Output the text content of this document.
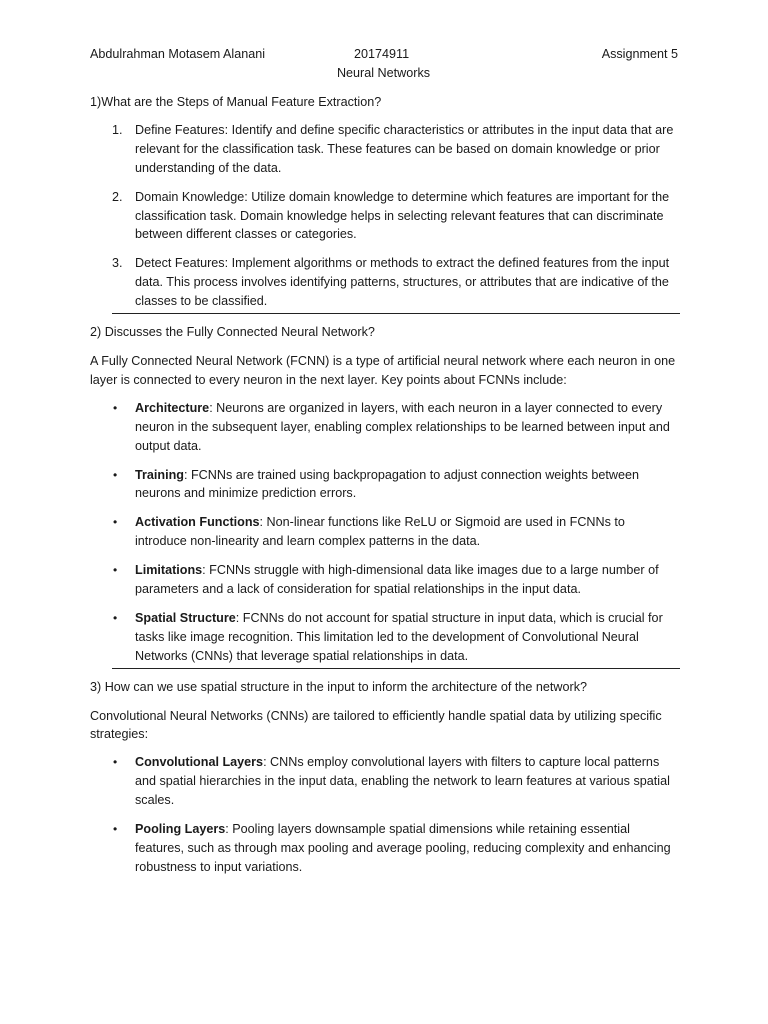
Abdulrahman Motasem Alanani	20174911	Assignment 5
Neural Networks

1)What are the Steps of Manual Feature Extraction?

1. Define Features: Identify and define specific characteristics or attributes in the input data that are relevant for the classification task. These features can be based on domain knowledge or prior understanding of the data.
2. Domain Knowledge: Utilize domain knowledge to determine which features are important for the classification task. Domain knowledge helps in selecting relevant features that can discriminate between different classes or categories.
3. Detect Features: Implement algorithms or methods to extract the defined features from the input data. This process involves identifying patterns, structures, or attributes that are indicative of the classes to be classified.

2) Discusses the Fully Connected Neural Network?

A Fully Connected Neural Network (FCNN) is a type of artificial neural network where each neuron in one layer is connected to every neuron in the next layer. Key points about FCNNs include:

• Architecture: Neurons are organized in layers, with each neuron in a layer connected to every neuron in the subsequent layer, enabling complex relationships to be learned between input and output data.
• Training: FCNNs are trained using backpropagation to adjust connection weights between neurons and minimize prediction errors.
• Activation Functions: Non-linear functions like ReLU or Sigmoid are used in FCNNs to introduce non-linearity and learn complex patterns in the data.
• Limitations: FCNNs struggle with high-dimensional data like images due to a large number of parameters and a lack of consideration for spatial relationships in the input data.
• Spatial Structure: FCNNs do not account for spatial structure in input data, which is crucial for tasks like image recognition. This limitation led to the development of Convolutional Neural Networks (CNNs) that leverage spatial relationships in data.

3) How can we use spatial structure in the input to inform the architecture of the network?

Convolutional Neural Networks (CNNs) are tailored to efficiently handle spatial data by utilizing specific strategies:

• Convolutional Layers: CNNs employ convolutional layers with filters to capture local patterns and spatial hierarchies in the input data, enabling the network to learn features at various spatial scales.
• Pooling Layers: Pooling layers downsample spatial dimensions while retaining essential features, such as through max pooling and average pooling, reducing complexity and enhancing robustness to input variations.
